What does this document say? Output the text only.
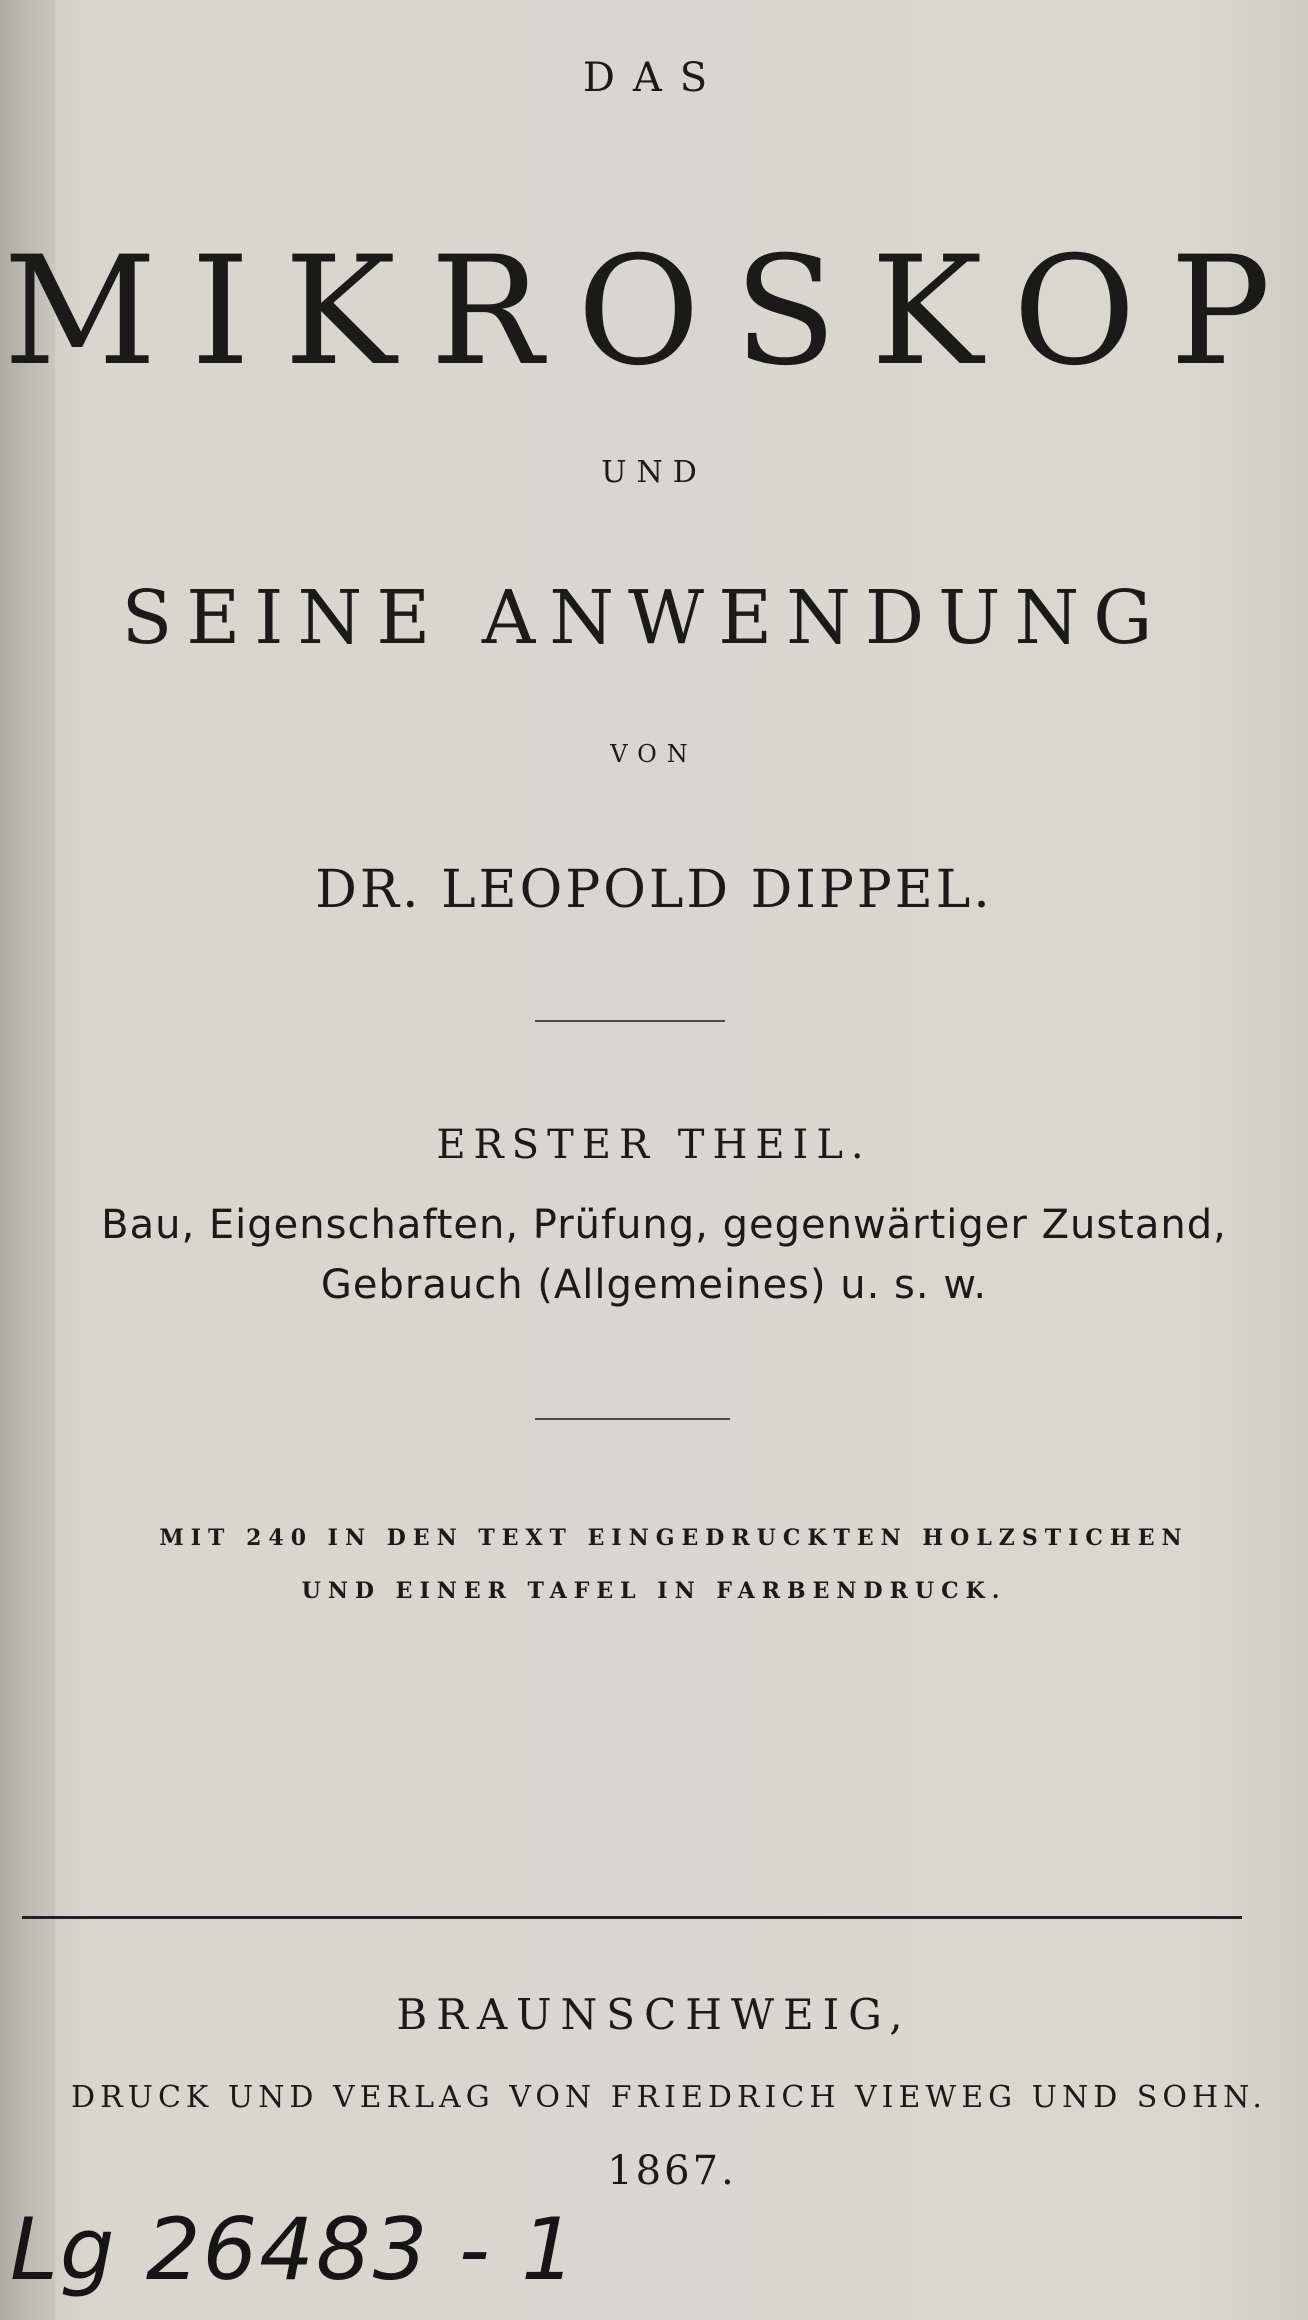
DAS

MIKROSKOP

UND

SEINE ANWENDUNG

VON

DR. LEOPOLD DIPPEL.

ERSTER THEIL.

Bau, Eigenschaften, Prüfung, gegenwärtiger Zustand,

Gebrauch (Allgemeines) u. s. w.

MIT 240 IN DEN TEXT EINGEDRUCKTEN HOLZSTICHEN

UND EINER TAFEL IN FARBENDRUCK.

BRAUNSCHWEIG,

DRUCK UND VERLAG VON FRIEDRICH VIEWEG UND SOHN.

1867.

Lg 26483 - 1
